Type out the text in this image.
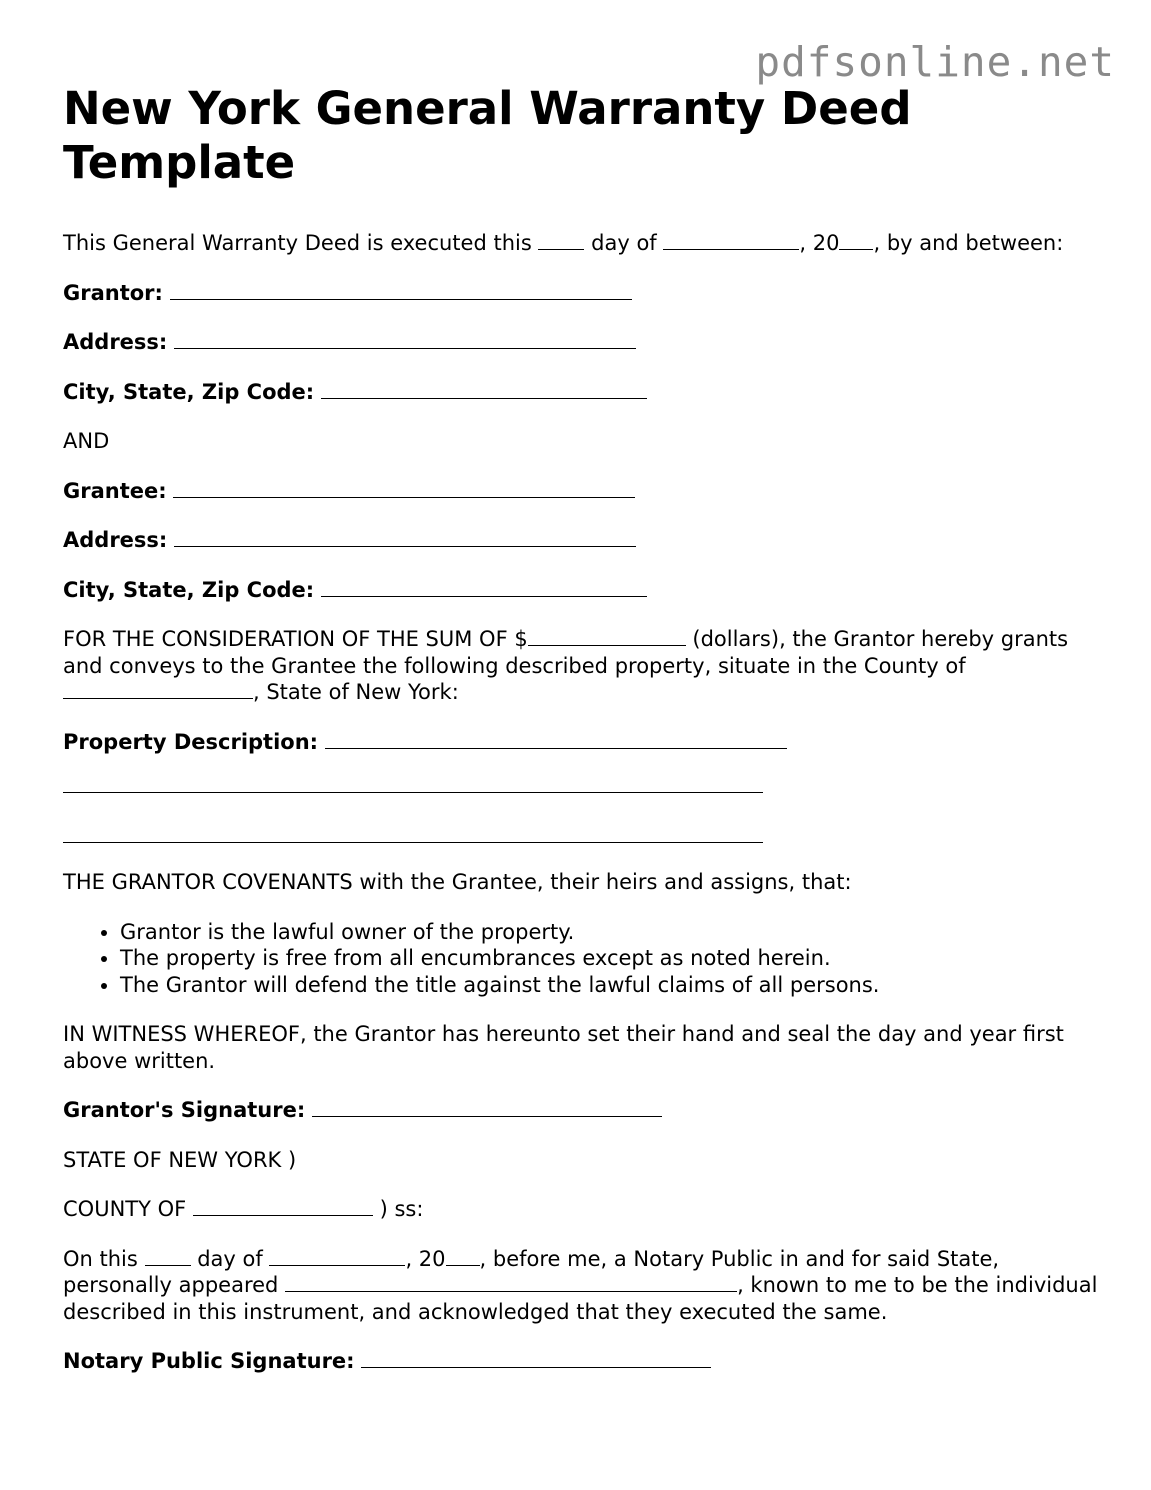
pdfsonline.net
New York General Warranty Deed Template

This General Warranty Deed is executed this	day of	, 20 , by and between:

Grantor:

Address:

City, State, Zip Code:

AND

Grantee:

Address:

City, State, Zip Code:

FOR THE CONSIDERATION OF THE SUM OF $	(dollars), the Grantor hereby grants and conveys to the Grantee the following described property, situate in the County of , State of New York:

Property Description:

THE GRANTOR COVENANTS with the Grantee, their heirs and assigns, that:

• Grantor is the lawful owner of the property.
• The property is free from all encumbrances except as noted herein.
• The Grantor will defend the title against the lawful claims of all persons.

IN WITNESS WHEREOF, the Grantor has hereunto set their hand and seal the day and year first above written.

Grantor's Signature:

STATE OF NEW YORK )

COUNTY OF	) ss:

On this	day of	, 20 , before me, a Notary Public in and for said State, personally appeared	, known to me to be the individual described in this instrument, and acknowledged that they executed the same.

Notary Public Signature:
